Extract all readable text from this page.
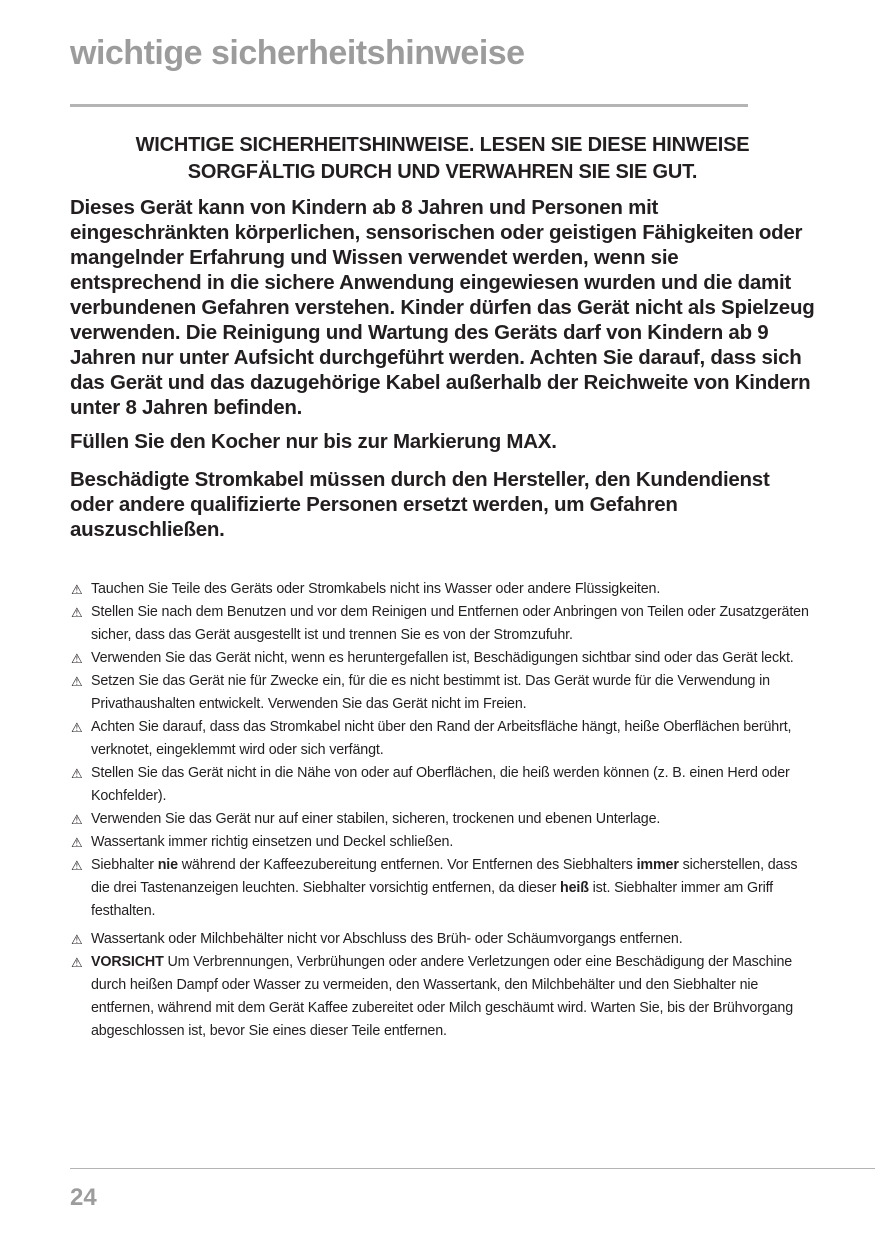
wichtige sicherheitshinweise
WICHTIGE SICHERHEITSHINWEISE. LESEN SIE DIESE HINWEISE
SORGFÄLTIG DURCH UND VERWAHREN SIE SIE GUT.

Dieses Gerät kann von Kindern ab 8 Jahren und Personen mit eingeschränkten körperlichen, sensorischen oder geistigen Fähigkeiten oder mangelnder Erfahrung und Wissen verwendet werden, wenn sie entsprechend in die sichere Anwendung eingewiesen wurden und die damit verbundenen Gefahren verstehen. Kinder dürfen das Gerät nicht als Spielzeug verwenden. Die Reinigung und Wartung des Geräts darf von Kindern ab 9 Jahren nur unter Aufsicht durchgeführt werden. Achten Sie darauf, dass sich das Gerät und das dazugehörige Kabel außerhalb der Reichweite von Kindern unter 8 Jahren befinden.

Füllen Sie den Kocher nur bis zur Markierung MAX.

Beschädigte Stromkabel müssen durch den Hersteller, den Kundendienst oder andere qualifizierte Personen ersetzt werden, um Gefahren auszuschließen.

⚠ Tauchen Sie Teile des Geräts oder Stromkabels nicht ins Wasser oder andere Flüssigkeiten.
⚠ Stellen Sie nach dem Benutzen und vor dem Reinigen und Entfernen oder Anbringen von Teilen oder Zusatzgeräten sicher, dass das Gerät ausgestellt ist und trennen Sie es von der Stromzufuhr.
⚠ Verwenden Sie das Gerät nicht, wenn es heruntergefallen ist, Beschädigungen sichtbar sind oder das Gerät leckt.
⚠ Setzen Sie das Gerät nie für Zwecke ein, für die es nicht bestimmt ist. Das Gerät wurde für die Verwendung in Privathaushalten entwickelt. Verwenden Sie das Gerät nicht im Freien.
⚠ Achten Sie darauf, dass das Stromkabel nicht über den Rand der Arbeitsfläche hängt, heiße Oberflächen berührt, verknotet, eingeklemmt wird oder sich verfängt.
⚠ Stellen Sie das Gerät nicht in die Nähe von oder auf Oberflächen, die heiß werden können (z. B. einen Herd oder Kochfelder).
⚠ Verwenden Sie das Gerät nur auf einer stabilen, sicheren, trockenen und ebenen Unterlage.
⚠ Wassertank immer richtig einsetzen und Deckel schließen.
⚠ Siebhalter nie während der Kaffeezubereitung entfernen. Vor Entfernen des Siebhalters immer sicherstellen, dass die drei Tastenanzeigen leuchten. Siebhalter vorsichtig entfernen, da dieser heiß ist. Siebhalter immer am Griff festhalten.
⚠ Wassertank oder Milchbehälter nicht vor Abschluss des Brüh- oder Schäumvorgangs entfernen.
⚠ VORSICHT Um Verbrennungen, Verbrühungen oder andere Verletzungen oder eine Beschädigung der Maschine durch heißen Dampf oder Wasser zu vermeiden, den Wassertank, den Milchbehälter und den Siebhalter nie entfernen, während mit dem Gerät Kaffee zubereitet oder Milch geschäumt wird. Warten Sie, bis der Brühvorgang abgeschlossen ist, bevor Sie eines dieser Teile entfernen.

24
